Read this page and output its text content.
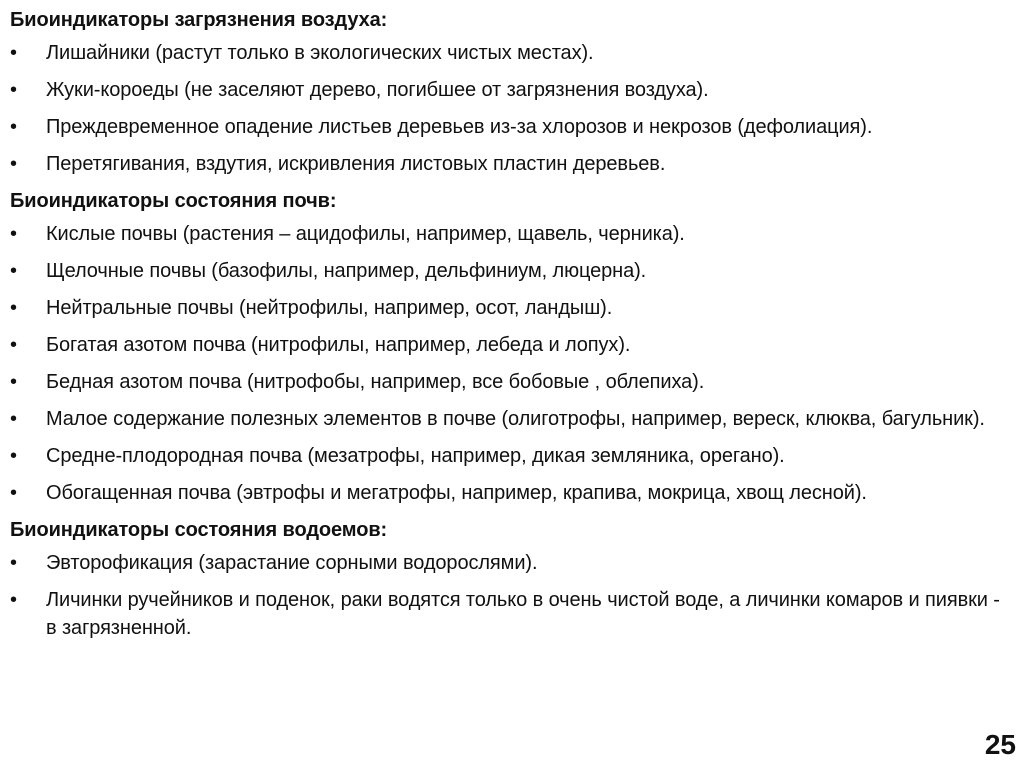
Биоиндикаторы загрязнения воздуха:
•	Лишайники (растут только в экологических чистых местах).
•	Жуки-короеды (не заселяют дерево, погибшее от загрязнения воздуха).
•	Преждевременное опадение листьев деревьев из-за хлорозов и некрозов (дефолиация).
•	Перетягивания, вздутия, искривления листовых пластин деревьев.
Биоиндикаторы состояния почв:
•	Кислые почвы (растения – ацидофилы, например, щавель, черника).
•	Щелочные почвы (базофилы, например, дельфиниум, люцерна).
•	Нейтральные почвы (нейтрофилы, например, осот, ландыш).
•	Богатая азотом почва (нитрофилы, например, лебеда и лопух).
•	Бедная азотом почва (нитрофобы, например, все бобовые , облепиха).
•	Малое содержание полезных элементов в почве (олиготрофы, например, вереск, клюква, багульник).
•	Средне-плодородная почва (мезатрофы, например, дикая земляника, орегано).
•	Обогащенная почва (эвтрофы и мегатрофы, например, крапива, мокрица, хвощ лесной).
Биоиндикаторы состояния водоемов:
•	Эвторофикация (зарастание сорными водорослями).
•	Личинки ручейников и поденок, раки водятся только в очень чистой воде, а личинки комаров и пиявки - в загрязненной.
25
